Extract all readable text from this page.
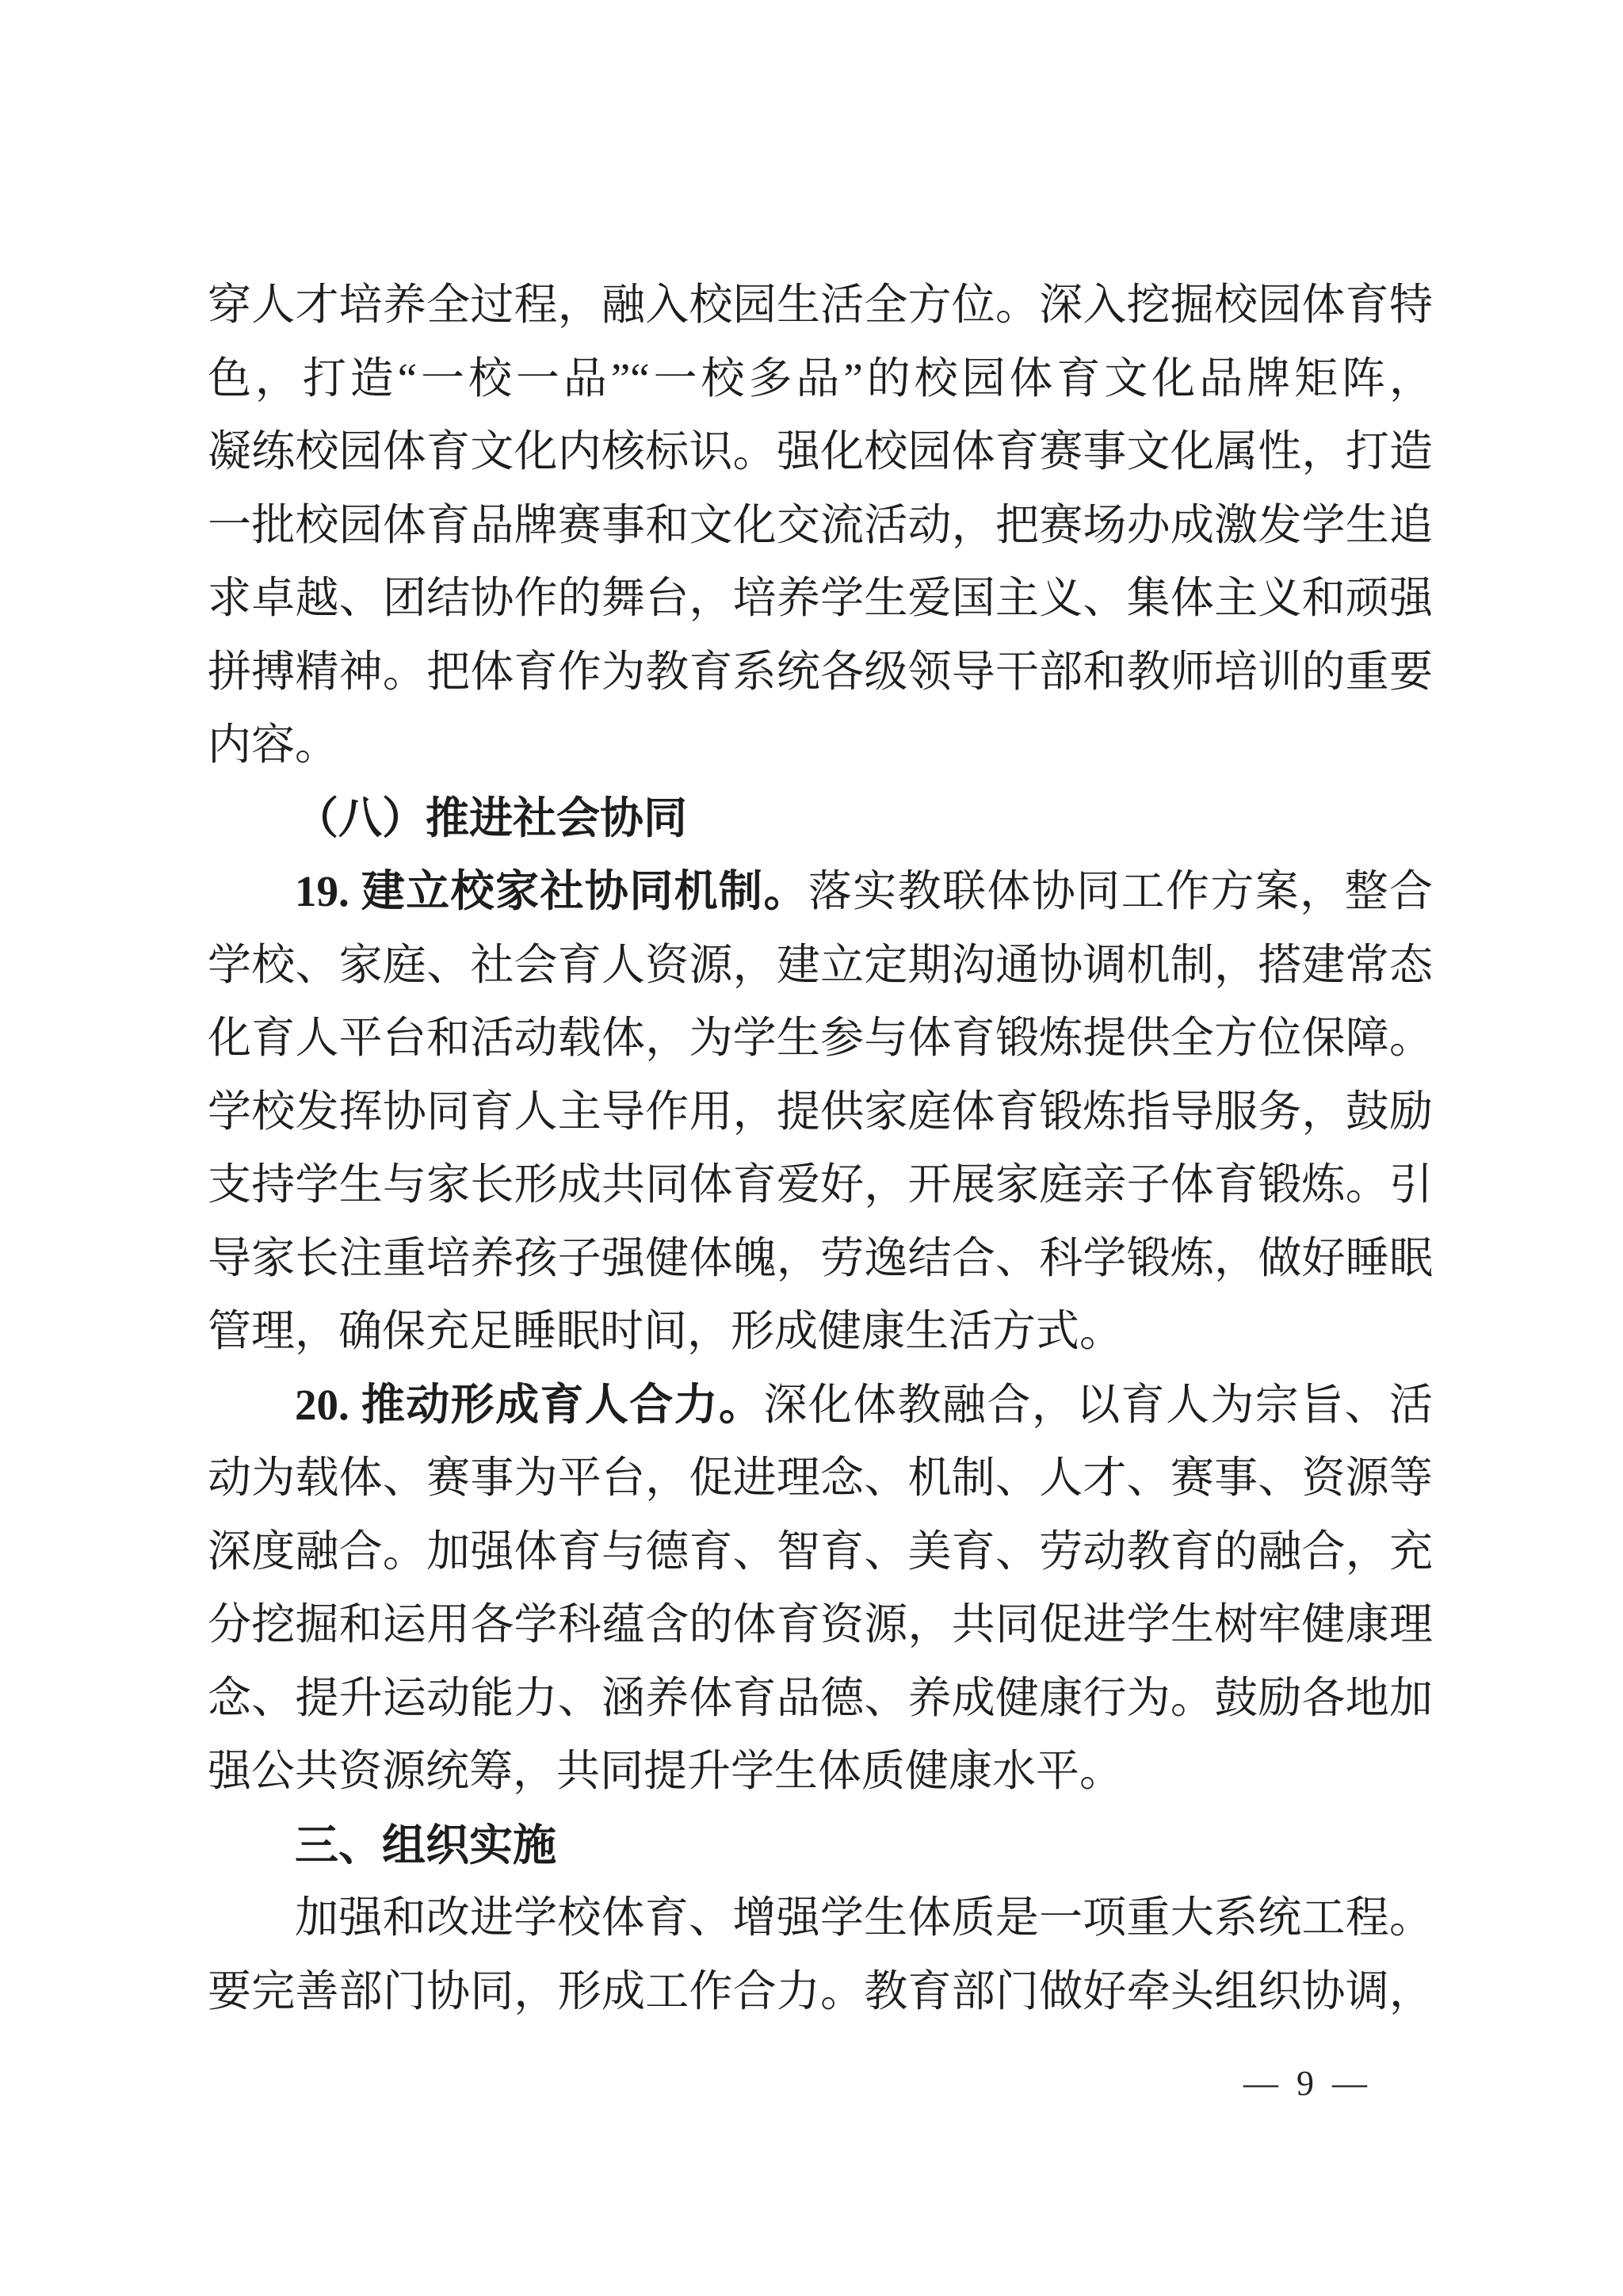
穿人才培养全过程，融入校园生活全方位。深入挖掘校园体育特
色，打造“一校一品”“一校多品”的校园体育文化品牌矩阵，
凝练校园体育文化内核标识。强化校园体育赛事文化属性，打造
一批校园体育品牌赛事和文化交流活动，把赛场办成激发学生追
求卓越、团结协作的舞台，培养学生爱国主义、集体主义和顽强
拼搏精神。把体育作为教育系统各级领导干部和教师培训的重要
内容。
（八）推进社会协同
19. 建立校家社协同机制。落实教联体协同工作方案，整合
学校、家庭、社会育人资源，建立定期沟通协调机制，搭建常态
化育人平台和活动载体，为学生参与体育锻炼提供全方位保障。
学校发挥协同育人主导作用，提供家庭体育锻炼指导服务，鼓励
支持学生与家长形成共同体育爱好，开展家庭亲子体育锻炼。引
导家长注重培养孩子强健体魄，劳逸结合、科学锻炼，做好睡眠
管理，确保充足睡眠时间，形成健康生活方式。
20. 推动形成育人合力。深化体教融合，以育人为宗旨、活
动为载体、赛事为平台，促进理念、机制、人才、赛事、资源等
深度融合。加强体育与德育、智育、美育、劳动教育的融合，充
分挖掘和运用各学科蕴含的体育资源，共同促进学生树牢健康理
念、提升运动能力、涵养体育品德、养成健康行为。鼓励各地加
强公共资源统筹，共同提升学生体质健康水平。
三、组织实施
加强和改进学校体育、增强学生体质是一项重大系统工程。
要完善部门协同，形成工作合力。教育部门做好牵头组织协调，
— 9 —
